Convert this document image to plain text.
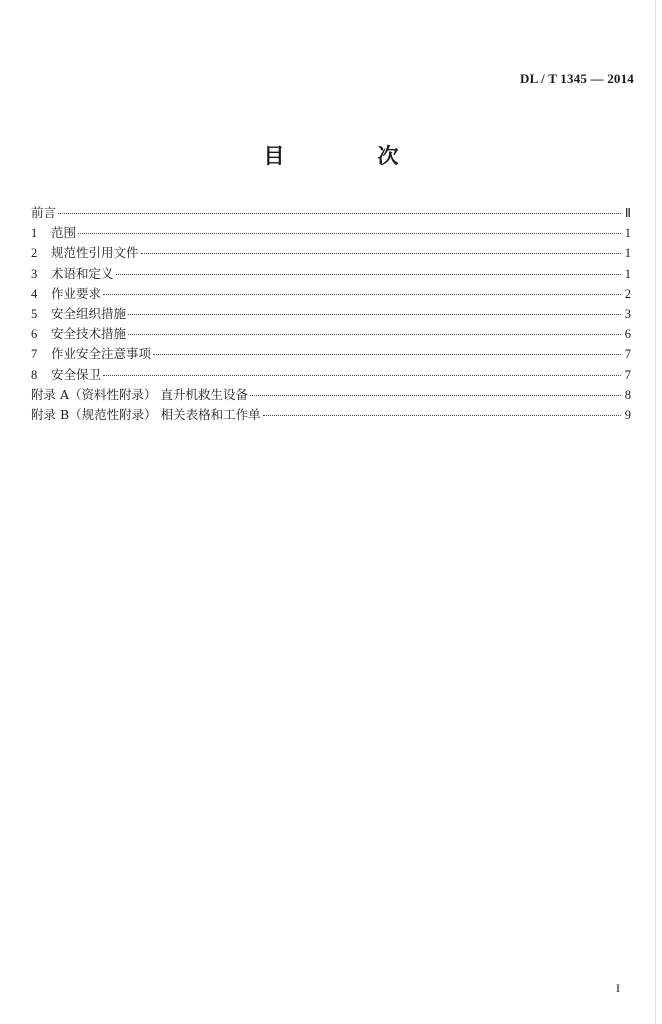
DL / T 1345 — 2014
目　次
前言	Ⅱ
1	范围	1
2	规范性引用文件	1
3	术语和定义	1
4	作业要求	2
5	安全组织措施	3
6	安全技术措施	6
7	作业安全注意事项	7
8	安全保卫	7
附录 A（资料性附录） 直升机救生设备	8
附录 B（规范性附录） 相关表格和工作单	9
I
